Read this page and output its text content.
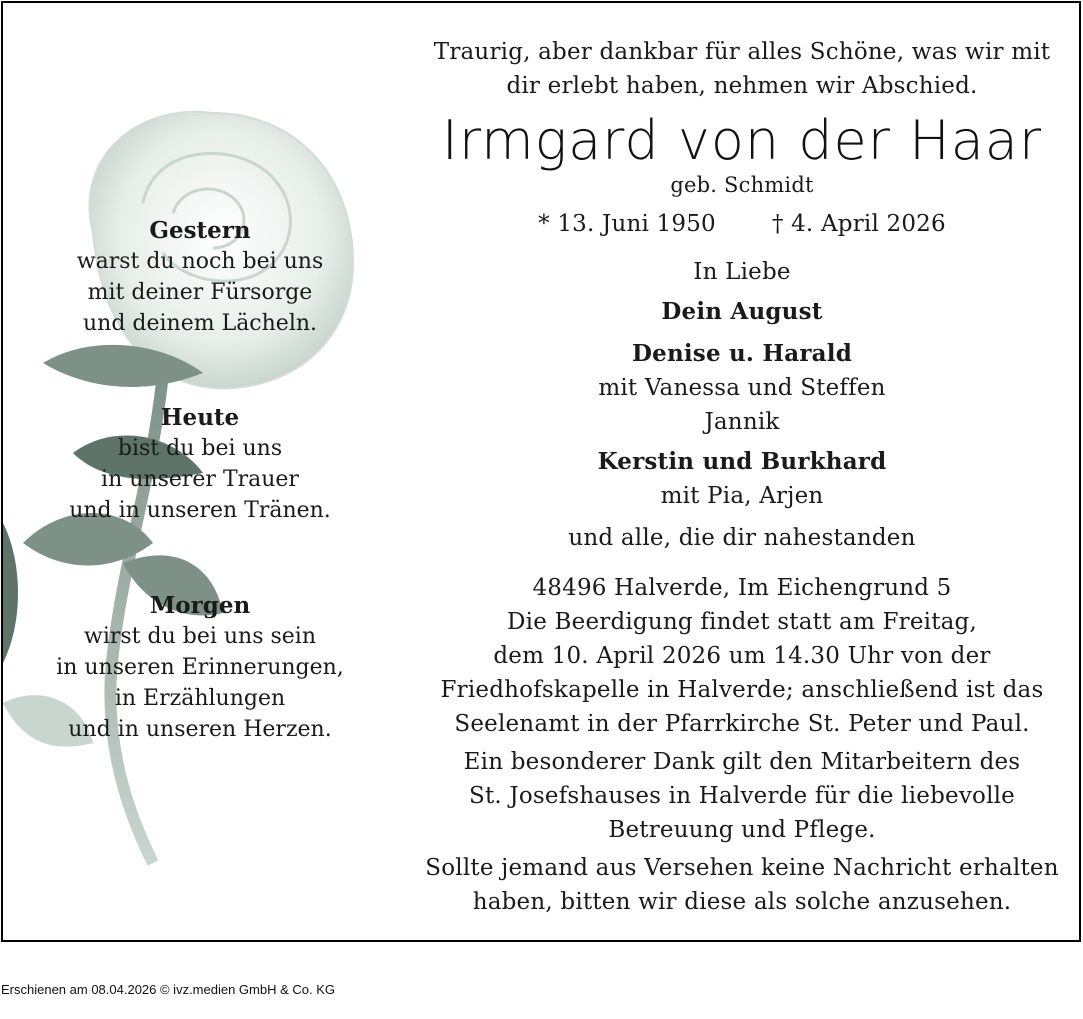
Gestern
warst du noch bei uns
mit deiner Fürsorge
und deinem Lächeln.
Heute
bist du bei uns
in unserer Trauer
und in unseren Tränen.
Morgen
wirst du bei uns sein
in unseren Erinnerungen,
in Erzählungen
und in unseren Herzen.
Traurig, aber dankbar für alles Schöne, was wir mit
dir erlebt haben, nehmen wir Abschied.
Irmgard von der Haar
geb. Schmidt
* 13. Juni 1950 † 4. April 2026
In Liebe
Dein August
Denise u. Harald
mit Vanessa und Steffen
Jannik
Kerstin und Burkhard
mit Pia, Arjen
und alle, die dir nahestanden
48496 Halverde, Im Eichengrund 5
Die Beerdigung findet statt am Freitag,
dem 10. April 2026 um 14.30 Uhr von der
Friedhofskapelle in Halverde; anschließend ist das
Seelenamt in der Pfarrkirche St. Peter und Paul.
Ein besonderer Dank gilt den Mitarbeitern des
St. Josefshauses in Halverde für die liebevolle
Betreuung und Pflege.
Sollte jemand aus Versehen keine Nachricht erhalten
haben, bitten wir diese als solche anzusehen.
Erschienen am 08.04.2026 © ivz.medien GmbH & Co. KG
